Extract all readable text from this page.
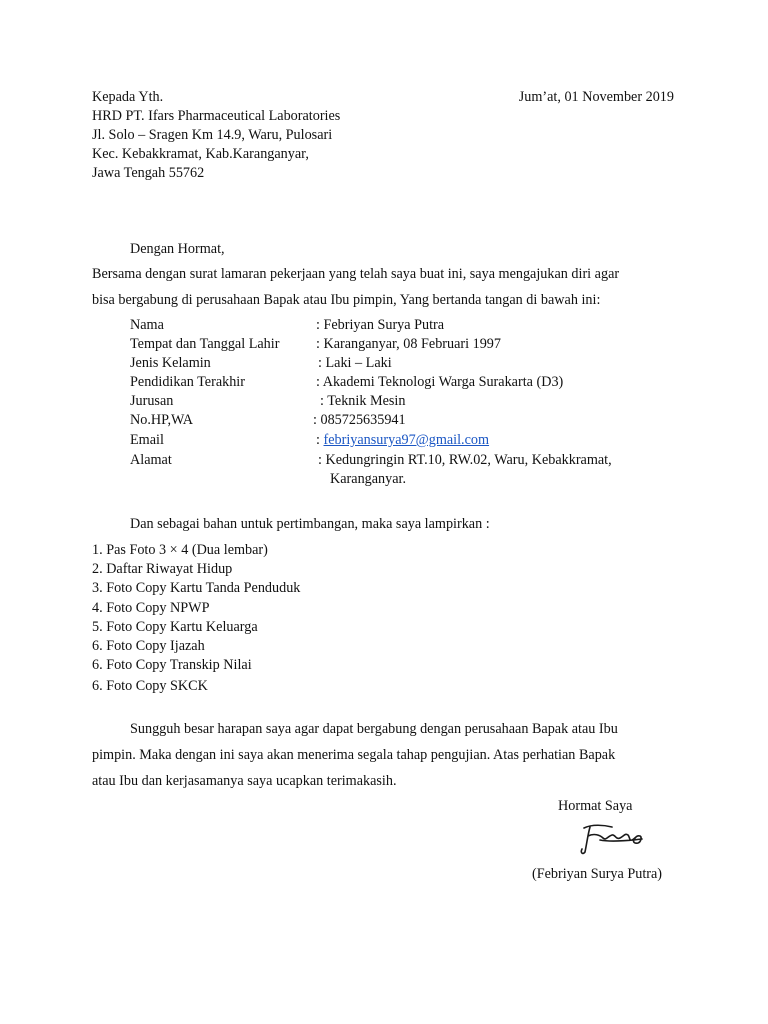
Kepada Yth.
HRD PT. Ifars Pharmaceutical Laboratories
Jl. Solo – Sragen Km 14.9, Waru, Pulosari
Kec. Kebakkramat, Kab.Karanganyar,
Jawa Tengah 55762
Jum’at, 01 November 2019
Dengan Hormat,
Bersama dengan surat lamaran pekerjaan yang telah saya buat ini, saya mengajukan diri agar
bisa bergabung di perusahaan Bapak atau Ibu pimpin, Yang bertanda tangan di bawah ini:
Nama	: Febriyan Surya Putra
Tempat dan Tanggal Lahir	: Karanganyar, 08 Februari 1997
Jenis Kelamin	: Laki – Laki
Pendidikan Terakhir	: Akademi Teknologi Warga Surakarta (D3)
Jurusan	: Teknik Mesin
No.HP,WA	: 085725635941
Email	: febriyansurya97@gmail.com
Alamat	: Kedungringin RT.10, RW.02, Waru, Kebakkramat,
Karanganyar.
Dan sebagai bahan untuk pertimbangan, maka saya lampirkan :
1. Pas Foto 3 × 4 (Dua lembar)
2. Daftar Riwayat Hidup
3. Foto Copy Kartu Tanda Penduduk
4. Foto Copy NPWP
5. Foto Copy Kartu Keluarga
6. Foto Copy Ijazah
6. Foto Copy Transkip Nilai
6. Foto Copy SKCK
Sungguh besar harapan saya agar dapat bergabung dengan perusahaan Bapak atau Ibu
pimpin. Maka dengan ini saya akan menerima segala tahap pengujian. Atas perhatian Bapak
atau Ibu dan kerjasamanya saya ucapkan terimakasih.
Hormat Saya
(Febriyan Surya Putra)
